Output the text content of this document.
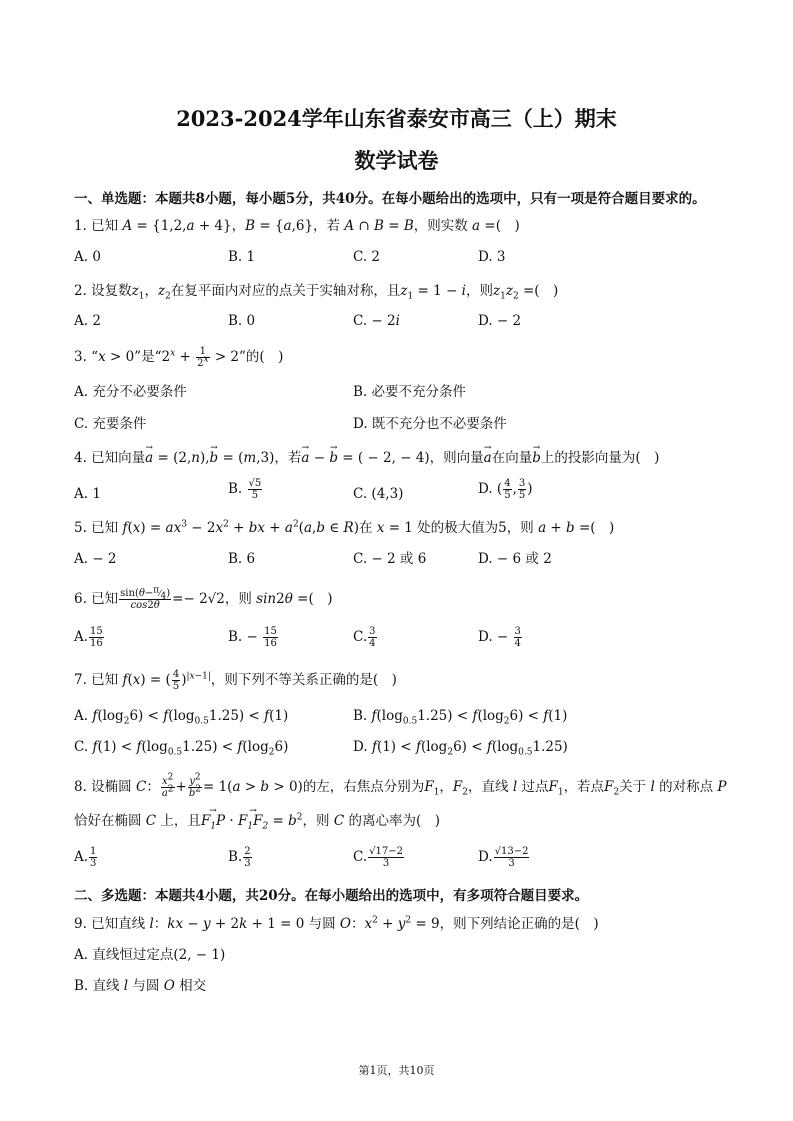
2023-2024学年山东省泰安市高三（上）期末
数学试卷
一、单选题：本题共8小题，每小题5分，共40分。在每小题给出的选项中，只有一项是符合题目要求的。
1. 已知 A = {1,2,a + 4}，B = {a,6}，若 A ∩ B = B，则实数 a =(　)
A. 0	B. 1	C. 2	D. 3
2. 设复数$z_1$，$z_2$在复平面内对应的点关于实轴对称，且$z_1 = 1 - i$，则$z_1z_2$ =(　)
A. 2	B. 0	C. − 2i	D. − 2
3. “x > 0”是“$2^x + \frac{1}{2^x} > 2$”的(　)
A. 充分不必要条件	B. 必要不充分条件
C. 充要条件	D. 既不充分也不必要条件
4. 已知向量→ a = (2,n),→ b = (m,3)，若→ a − → b = ( − 2, − 4)，则向量→ a在向量→ b上的投影向量为(　)
A. 1	B. $\frac{√5}{5}$	C. (4,3)	D. ( $\frac{4}{5}$ , $\frac{3}{5}$ )
5. 已知 $f(x) = ax^3 - 2x^2$ + bx + $a^2(a,b$ ∈ R)在 x = 1 处的极大值为5，则 a + b =(　)
A. − 2	B. 6	C. − 2 或 6	D. − 6 或 2
6. 已知 $\frac{\sin(\theta-^\pi⁄_4)}{\cos 2\theta} =- 2√2$，则 sin2θ =(　)
A. $\frac{15}{16}$	B. − $\frac{15}{16}$	C. $\frac{3}{4}$	D. − $\frac{3}{4}$
7. 已知 f(x) = ( $\frac{4}{5} )^{|x-1|}$，则下列不等关系正确的是(　)
A. $f(\log_26) < f(\log_{0.5}1.25) < f(1)$	B. $f(\log_{0.5}1.25) < f(\log_26) < f(1)$
C. $f(1) < f(\log_{0.5}1.25) < f(\log_26)$	D. $f(1) < f(\log_26) < f(\log_{0.5}1.25)$
8. 设椭圆 C： $\frac{x^2}{a^2} + \frac{y^2}{b^2} = 1(a > b > 0)$的左，右焦点分别为$F_1$，$F_2$，直线 l 过点$F_1$，若点$F_2$关于 l 的对称点 P
恰好在椭圆 C 上，且→ $F_1P$ · → $F_1F_2 = b^2$，则 C 的离心率为(　)
A. $\frac{1}{3}$	B. $\frac{2}{3}$	C. $\frac{√17-2}{3}$	D. $\frac{√13-2}{3}$
二、多选题：本题共4小题，共20分。在每小题给出的选项中，有多项符合题目要求。
9. 已知直线 l：kx − y + 2k + 1 = 0 与圆 O：$x^2 + y^2 = 9$，则下列结论正确的是(　)
A. 直线恒过定点(2, − 1)
B. 直线 l 与圆 O 相交
第1页，共10页
